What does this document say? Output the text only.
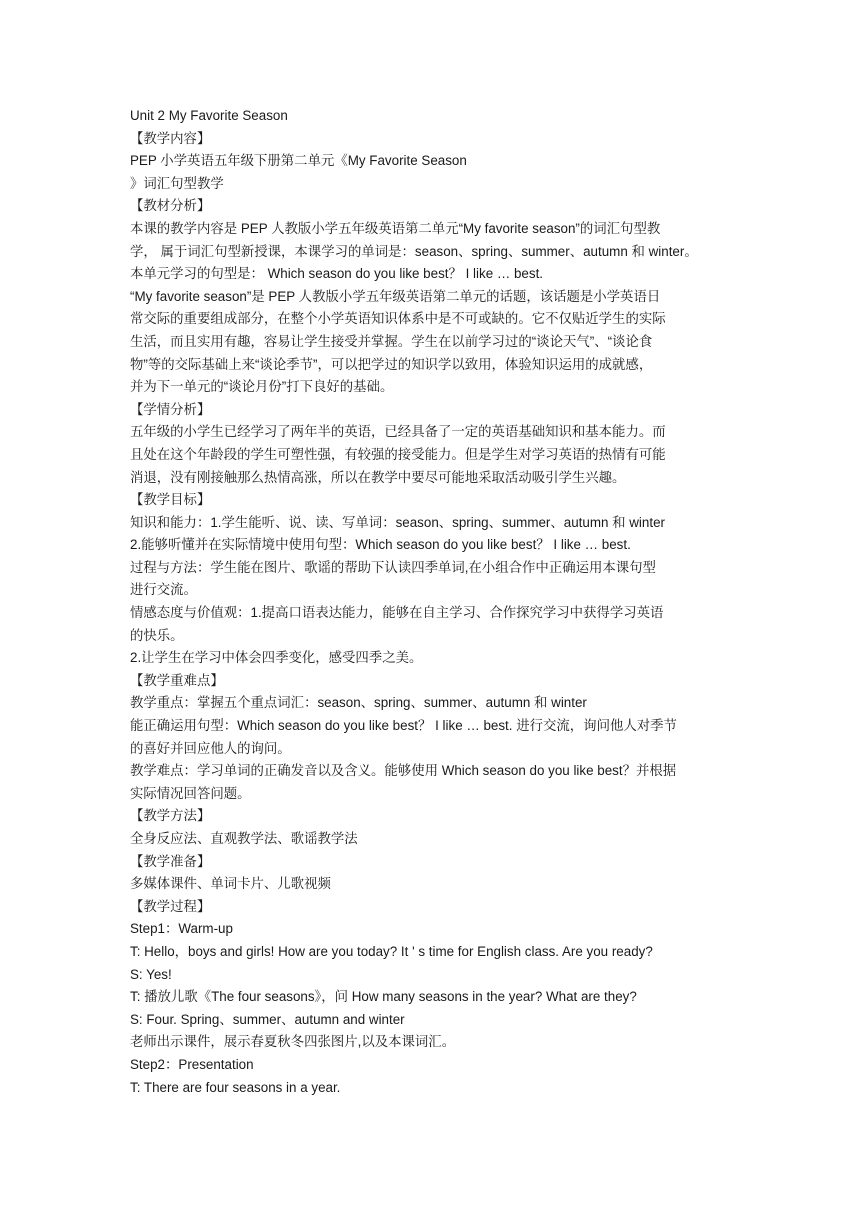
Unit 2 My Favorite Season
【教学内容】
PEP 小学英语五年级下册第二单元《My Favorite Season
》词汇句型教学
【教材分析】
本课的教学内容是 PEP 人教版小学五年级英语第二单元“My favorite season”的词汇句型教
学， 属于词汇句型新授课，本课学习的单词是：season、spring、summer、autumn 和 winter。
本单元学习的句型是： Which season do you like best？ I like … best.
“My favorite season”是 PEP 人教版小学五年级英语第二单元的话题，该话题是小学英语日
常交际的重要组成部分，在整个小学英语知识体系中是不可或缺的。它不仅贴近学生的实际
生活，而且实用有趣，容易让学生接受并掌握。学生在以前学习过的“谈论天气”、“谈论食
物”等的交际基础上来“谈论季节”，可以把学过的知识学以致用，体验知识运用的成就感，
并为下一单元的“谈论月份”打下良好的基础。
【学情分析】
五年级的小学生已经学习了两年半的英语，已经具备了一定的英语基础知识和基本能力。而
且处在这个年龄段的学生可塑性强，有较强的接受能力。但是学生对学习英语的热情有可能
消退，没有刚接触那么热情高涨，所以在教学中要尽可能地采取活动吸引学生兴趣。
【教学目标】
知识和能力：1.学生能听、说、读、写单词：season、spring、summer、autumn 和 winter
2.能够听懂并在实际情境中使用句型：Which season do you like best？ I like … best.
过程与方法：学生能在图片、歌谣的帮助下认读四季单词,在小组合作中正确运用本课句型
进行交流。
情感态度与价值观：1.提高口语表达能力，能够在自主学习、合作探究学习中获得学习英语
的快乐。
2.让学生在学习中体会四季变化，感受四季之美。
【教学重难点】
教学重点：掌握五个重点词汇：season、spring、summer、autumn 和 winter
能正确运用句型：Which season do you like best？ I like … best. 进行交流，询问他人对季节
的喜好并回应他人的询问。
教学难点：学习单词的正确发音以及含义。能够使用 Which season do you like best？并根据
实际情况回答问题。
【教学方法】
全身反应法、直观教学法、歌谣教学法
【教学准备】
多媒体课件、单词卡片、儿歌视频
【教学过程】
Step1：Warm-up
T: Hello，boys and girls! How are you today? It ' s time for English class. Are you ready?
S: Yes!
T: 播放儿歌《The four seasons》，问 How many seasons in the year? What are they?
S: Four. Spring、summer、autumn and winter
老师出示课件，展示春夏秋冬四张图片,以及本课词汇。
Step2：Presentation
T: There are four seasons in a year.
